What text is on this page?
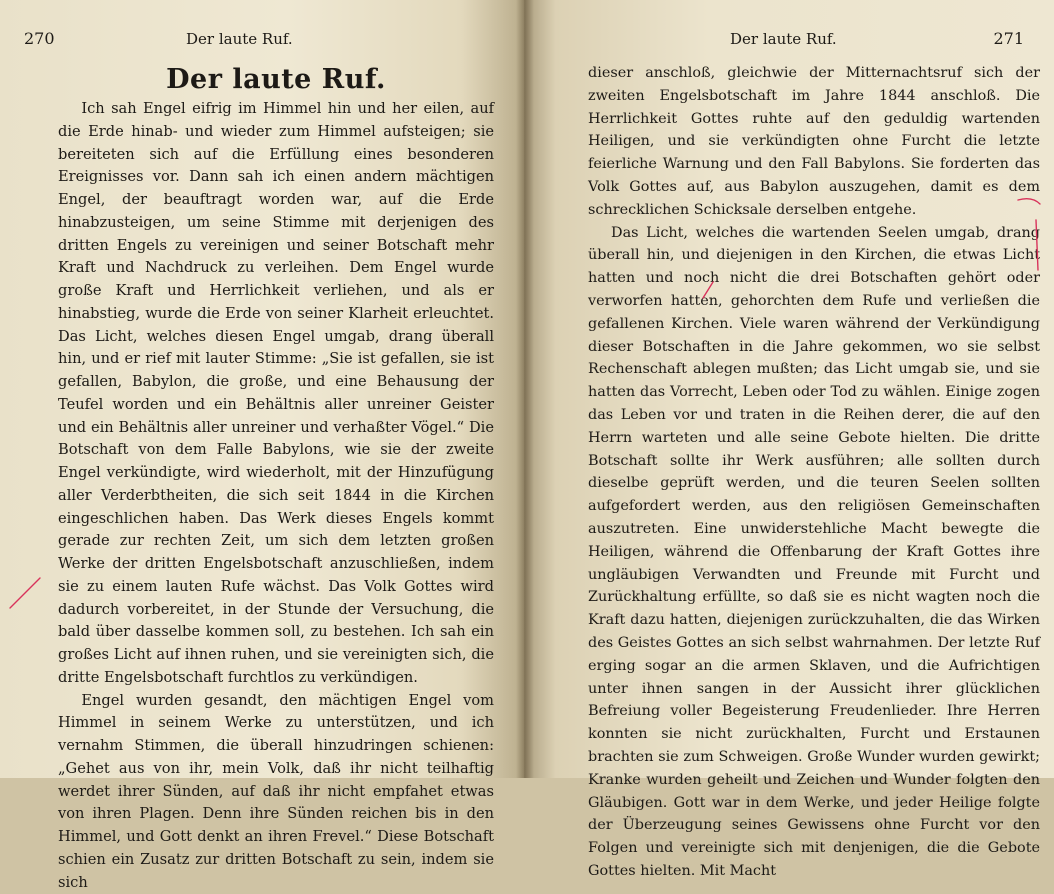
270	Der laute Ruf.
Der laute Ruf.

Ich sah Engel eifrig im Himmel hin und her eilen, auf die Erde hinab- und wieder zum Himmel aufsteigen; sie bereiteten sich auf die Erfüllung eines besonderen Ereignisses vor. Dann sah ich einen andern mächtigen Engel, der beauftragt worden war, auf die Erde hinabzusteigen, um seine Stimme mit derjenigen des dritten Engels zu vereinigen und seiner Botschaft mehr Kraft und Nachdruck zu verleihen. Dem Engel wurde große Kraft und Herrlichkeit verliehen, und als er hinabstieg, wurde die Erde von seiner Klarheit erleuchtet. Das Licht, welches diesen Engel umgab, drang überall hin, und er rief mit lauter Stimme: „Sie ist gefallen, sie ist gefallen, Babylon, die große, und eine Behausung der Teufel worden und ein Behältnis aller unreiner Geister und ein Behältnis aller unreiner und verhaßter Vögel.“ Die Botschaft von dem Falle Babylons, wie sie der zweite Engel verkündigte, wird wiederholt, mit der Hinzufügung aller Verderbtheiten, die sich seit 1844 in die Kirchen eingeschlichen haben. Das Werk dieses Engels kommt gerade zur rechten Zeit, um sich dem letzten großen Werke der dritten Engelsbotschaft anzuschließen, indem sie zu einem lauten Rufe wächst. Das Volk Gottes wird dadurch vorbereitet, in der Stunde der Versuchung, die bald über dasselbe kommen soll, zu bestehen. Ich sah ein großes Licht auf ihnen ruhen, und sie vereinigten sich, die dritte Engelsbotschaft furchtlos zu verkündigen.

Engel wurden gesandt, den mächtigen Engel vom Himmel in seinem Werke zu unterstützen, und ich vernahm Stimmen, die überall hinzudringen schienen: „Gehet aus von ihr, mein Volk, daß ihr nicht teilhaftig werdet ihrer Sünden, auf daß ihr nicht empfahet etwas von ihren Plagen. Denn ihre Sünden reichen bis in den Himmel, und Gott denkt an ihren Frevel.“ Diese Botschaft schien ein Zusatz zur dritten Botschaft zu sein, indem sie sich

Der laute Ruf.	271

dieser anschloß, gleichwie der Mitternachtsruf sich der zweiten Engelsbotschaft im Jahre 1844 anschloß. Die Herrlichkeit Gottes ruhte auf den geduldig wartenden Heiligen, und sie verkündigten ohne Furcht die letzte feierliche Warnung und den Fall Babylons. Sie forderten das Volk Gottes auf, aus Babylon auszugehen, damit es dem schrecklichen Schicksale derselben entgehe.

Das Licht, welches die wartenden Seelen umgab, drang überall hin, und diejenigen in den Kirchen, die etwas Licht hatten und noch nicht die drei Botschaften gehört oder verworfen hatten, gehorchten dem Rufe und verließen die gefallenen Kirchen. Viele waren während der Verkündigung dieser Botschaften in die Jahre gekommen, wo sie selbst Rechenschaft ablegen mußten; das Licht umgab sie, und sie hatten das Vorrecht, Leben oder Tod zu wählen. Einige zogen das Leben vor und traten in die Reihen derer, die auf den Herrn warteten und alle seine Gebote hielten. Die dritte Botschaft sollte ihr Werk ausführen; alle sollten durch dieselbe geprüft werden, und die teuren Seelen sollten aufgefordert werden, aus den religiösen Gemeinschaften auszutreten. Eine unwiderstehliche Macht bewegte die Heiligen, während die Offenbarung der Kraft Gottes ihre ungläubigen Verwandten und Freunde mit Furcht und Zurückhaltung erfüllte, so daß sie es nicht wagten noch die Kraft dazu hatten, diejenigen zurückzuhalten, die das Wirken des Geistes Gottes an sich selbst wahrnahmen. Der letzte Ruf erging sogar an die armen Sklaven, und die Aufrichtigen unter ihnen sangen in der Aussicht ihrer glücklichen Befreiung voller Begeisterung Freudenlieder. Ihre Herren konnten sie nicht zurückhalten, Furcht und Erstaunen brachten sie zum Schweigen. Große Wunder wurden gewirkt; Kranke wurden geheilt und Zeichen und Wunder folgten den Gläubigen. Gott war in dem Werke, und jeder Heilige folgte der Überzeugung seines Gewissens ohne Furcht vor den Folgen und vereinigte sich mit denjenigen, die die Gebote Gottes hielten. Mit Macht
